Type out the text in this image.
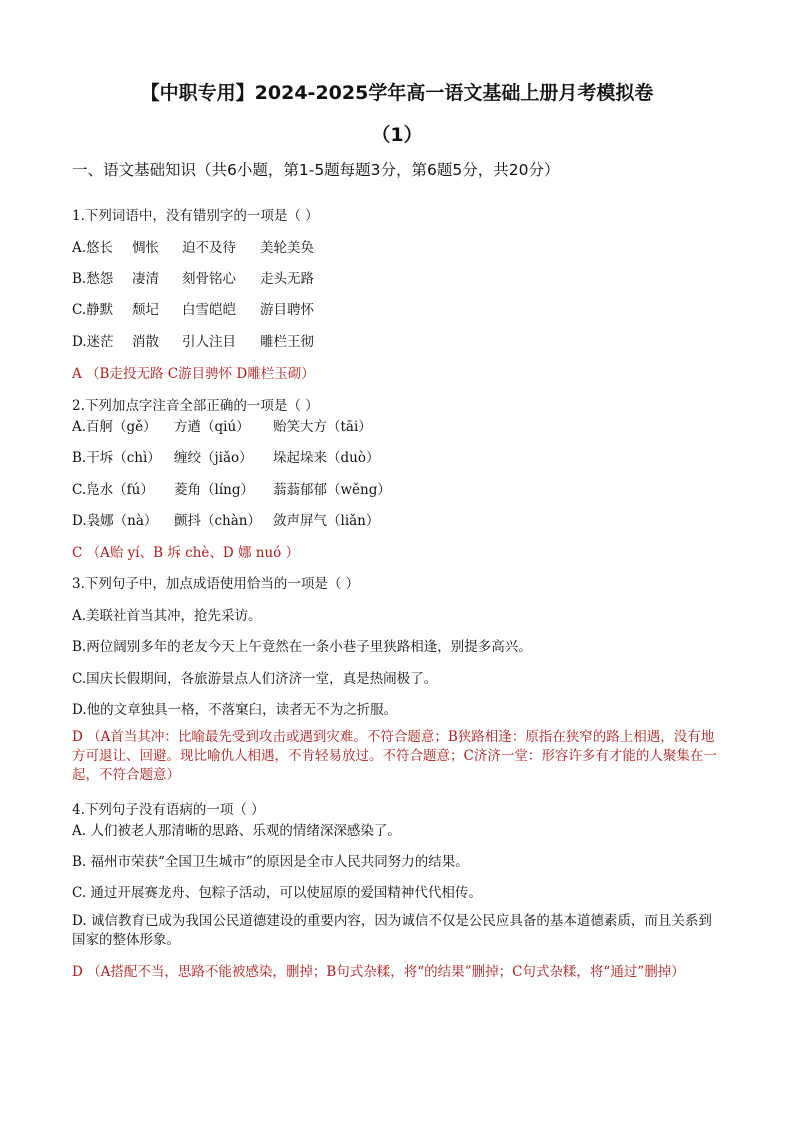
【中职专用】2024-2025学年高一语文基础上册月考模拟卷
（1）
一、语文基础知识（共6小题，第1-5题每题3分，第6题5分，共20分）
1.下列词语中，没有错别字的一项是（ ）
A.悠长 惆怅 迫不及待 美轮美奂
B.愁怨 凄清 刻骨铭心 走头无路
C.静默 颓圮 白雪皑皑 游目聘怀
D.迷茫 消散 引人注目 雕栏王彻
A （B走投无路 C游目骋怀 D雕栏玉砌）
2.下列加点字注音全部正确的一项是（ ）
A.百舸（gě） 方遒（qiú） 贻笑大方（tāi）
B.干坼（chì） 缠绞（jiǎo） 垛起垛来（duò）
C.凫水（fú） 菱角（líng） 蓊蓊郁郁（wěng）
D.袅娜（nà） 颤抖（chàn） 敛声屏气（liǎn）
C （A贻 yí、B 坼 chè、D 娜 nuó ）
3.下列句子中，加点成语使用恰当的一项是（ ）
A.美联社首当其冲，抢先采访。
B.两位阔别多年的老友今天上午竟然在一条小巷子里狭路相逢，别提多高兴。
C.国庆长假期间，各旅游景点人们济济一堂，真是热闹极了。
D.他的文章独具一格，不落窠臼，读者无不为之折服。
D （A首当其冲：比喻最先受到攻击或遇到灾难。不符合题意；B狭路相逢：原指在狭窄的路上相遇，没有地方可退让、回避。现比喻仇人相遇，不肯轻易放过。不符合题意；C济济一堂：形容许多有才能的人聚集在一起，不符合题意）
4.下列句子没有语病的一项（ ）
A. 人们被老人那清晰的思路、乐观的情绪深深感染了。
B. 福州市荣获“全国卫生城市”的原因是全市人民共同努力的结果。
C. 通过开展赛龙舟、包粽子活动，可以使屈原的爱国精神代代相传。
D. 诚信教育已成为我国公民道德建设的重要内容，因为诚信不仅是公民应具备的基本道德素质，而且关系到国家的整体形象。
D （A搭配不当，思路不能被感染，删掉；B句式杂糅，将“的结果”删掉；C句式杂糅，将“通过”删掉）
